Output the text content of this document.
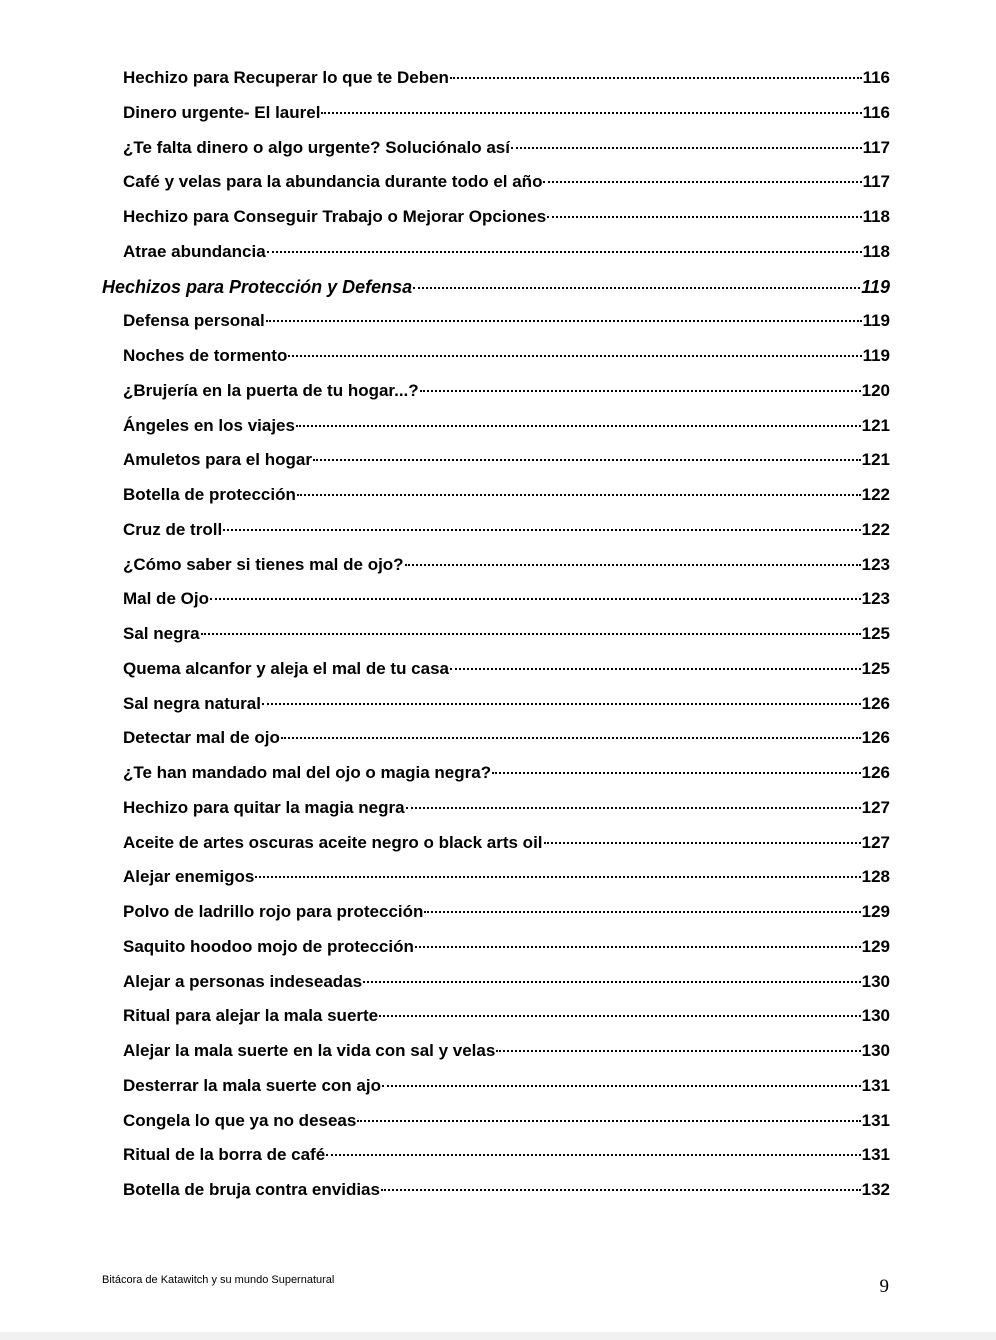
Hechizo para Recuperar lo que te Deben	116
Dinero urgente- El laurel	116
¿Te falta dinero o algo urgente? Soluciónalo así	117
Café y velas para la abundancia durante todo el año	117
Hechizo para Conseguir Trabajo o Mejorar Opciones	118
Atrae abundancia	118
Hechizos para Protección y Defensa	119
Defensa personal	119
Noches de tormento	119
¿Brujería en la puerta de tu hogar...?	120
Ángeles en los viajes	121
Amuletos para el hogar	121
Botella de protección	122
Cruz de troll	122
¿Cómo saber si tienes mal de ojo?	123
Mal de Ojo	123
Sal negra	125
Quema alcanfor y aleja el mal de tu casa	125
Sal negra natural	126
Detectar mal de ojo	126
¿Te han mandado mal del ojo o magia negra?	126
Hechizo para quitar la magia negra	127
Aceite de artes oscuras aceite negro o black arts oil	127
Alejar enemigos	128
Polvo de ladrillo rojo para protección	129
Saquito hoodoo mojo de protección	129
Alejar a personas indeseadas	130
Ritual para alejar la mala suerte	130
Alejar la mala suerte en la vida con sal y velas	130
Desterrar la mala suerte con ajo	131
Congela lo que ya no deseas	131
Ritual de la borra de café	131
Botella de bruja contra envidias	132
Bitácora de Katawitch y su mundo Supernatural	9
